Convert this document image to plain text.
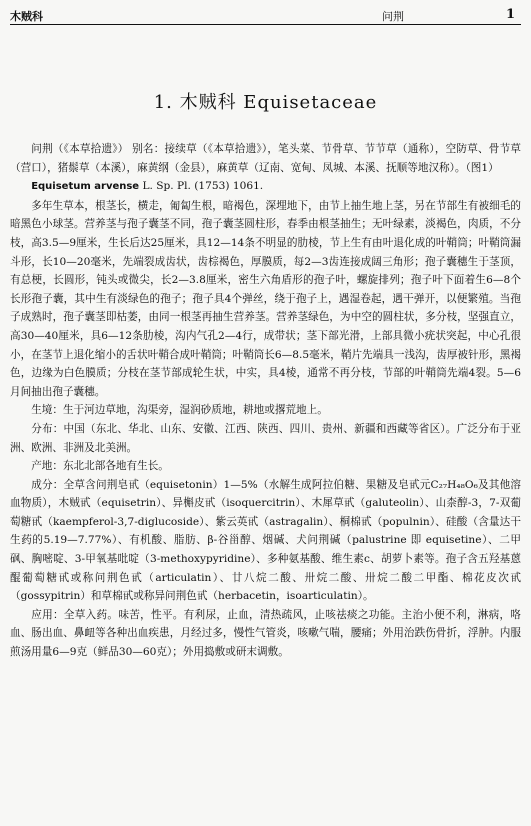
木贼科	问荆	1
1. 木贼科 Equisetaceae

问荆（《本草拾遗》） 别名：接续草（《本草拾遗》），笔头菜、节骨草、节节草（通称），空防草、骨节草（营口），猪鬃草（本溪），麻黄纲（金县），麻黄草（辽南、宽甸、凤城、本溪、抚顺等地汉称）。（图1）

Equisetum arvense L. Sp. Pl. (1753) 1061.

多年生草本，根茎长，横走，匍匐生根，暗褐色，深埋地下，由节上抽生地上茎，另在节部生有被细毛的暗黑色小球茎。营养茎与孢子囊茎不同，孢子囊茎圆柱形，春季由根茎抽生；无叶绿素，淡褐色，肉质，不分枝，高3.5—9厘米，生长后达25厘米，具12—14条不明显的肋棱，节上生有由叶退化成的叶鞘筒；叶鞘筒漏斗形，长10—20毫米，先端裂成齿状，齿棕褐色，厚膜质，每2—3齿连接成阔三角形；孢子囊穗生于茎顶，有总梗，长圆形，钝头或微尖，长2—3.8厘米，密生六角盾形的孢子叶，螺旋排列；孢子叶下面着生6—8个长形孢子囊，其中生有淡绿色的孢子；孢子具4个弹丝，绕于孢子上，遇湿卷起，遇干弹开，以便繁殖。当孢子成熟时，孢子囊茎即枯萎，由同一根茎再抽生营养茎。营养茎绿色，为中空的圆柱状，多分枝，坚强直立，高30—40厘米，具6—12条肋棱，沟内气孔2—4行，成带状；茎下部光滑，上部具微小疣状突起，中心孔很小，在茎节上退化缩小的舌状叶鞘合成叶鞘筒；叶鞘筒长6—8.5毫米，鞘片先端具一浅沟，齿厚被针形，黑褐色，边缘为白色膜质；分枝在茎节部成轮生状，中实，具4棱，通常不再分枝，节部的叶鞘筒先端4裂。5—6月间抽出孢子囊穗。

生境：生于河边草地，沟渠旁，湿润砂质地，耕地或撂荒地上。

分布：中国（东北、华北、山东、安徽、江西、陕西、四川、贵州、新疆和西藏等省区）。广泛分布于亚洲、欧洲、非洲及北美洲。

产地：东北北部各地有生长。

成分：全草含问荆皂甙（equisetonin）1—5%（水解生成阿拉伯糖、果糖及皂甙元C₂₇H₄₈O₆及其他溶血物质），木贼甙（equisetrin）、异槲皮甙（isoquercitrin）、木犀草甙（galuteolin）、山柰醇-3，7-双葡萄糖甙（kaempferol-3,7-diglucoside）、紫云英甙（astragalin）、桐棉甙（populnin）、硅酸（含量达干生药的5.19—7.77%）、有机酸、脂肪、β-谷甾醇、烟碱、犬问荆碱（palustrine 即 equisetine）、二甲砜、胸嘧啶、3-甲氧基吡啶（3-methoxypyridine）、多种氨基酸、维生素c、胡萝卜素等。孢子含五羟基蒽醌葡萄糖甙或称问荆色甙（articulatin）、廿八烷二酸、卅烷二酸、卅烷二酸二甲酯、棉花皮次甙（gossypitrin）和草棉甙或称异问荆色甙（herbacetin，isoarticulatin）。

应用：全草入药。味苦，性平。有利尿，止血，清热疏风，止咳祛痰之功能。主治小便不利，淋病，咯血、肠出血、鼻衄等各种出血疾患，月经过多，慢性气管炎，咳嗽气喘，腰痛；外用治跌伤骨折，浮肿。内服煎汤用量6—9克（鲜品30—60克）；外用捣敷或研末调敷。
